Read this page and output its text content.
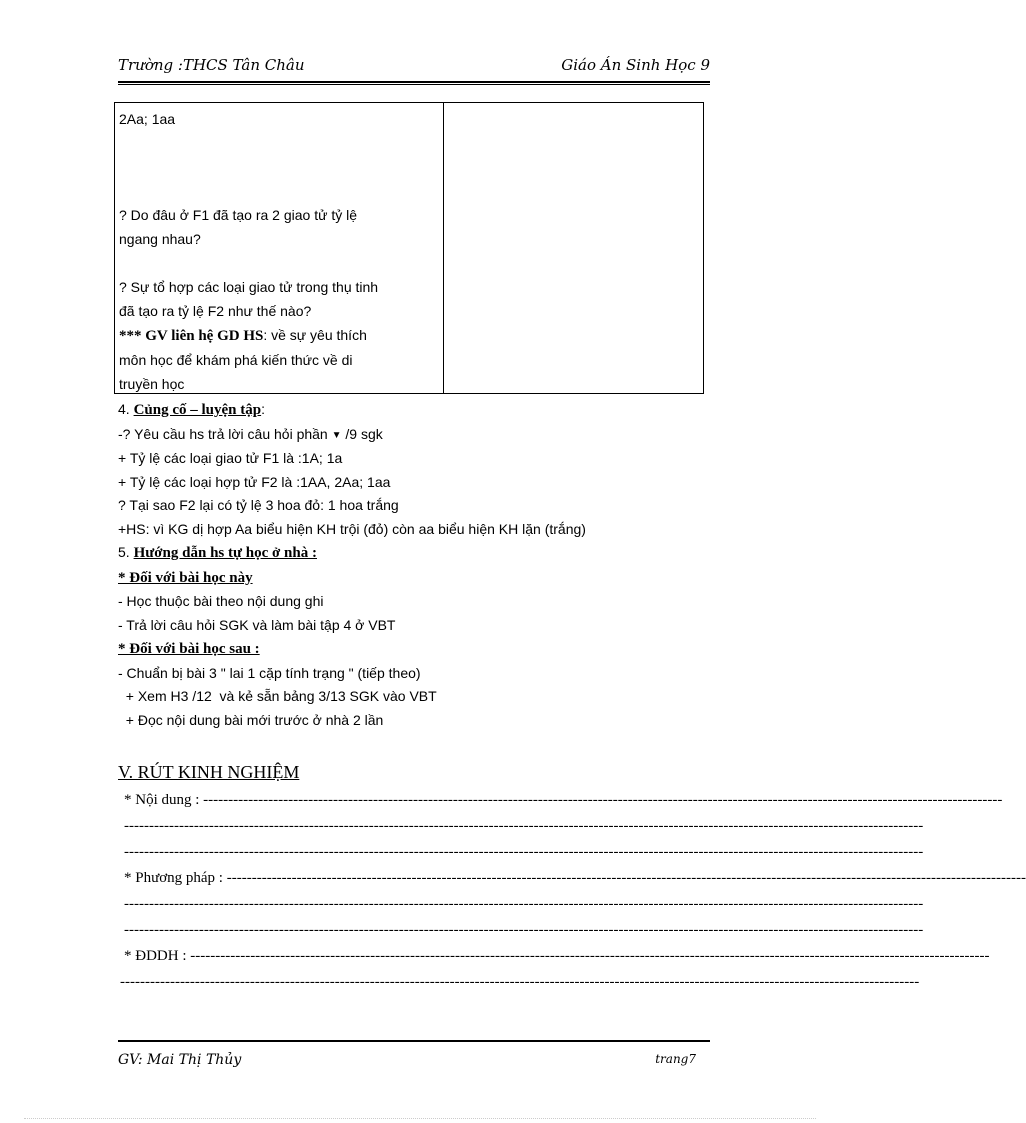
Trường :THCS Tân Châu	Giáo Án Sinh Học 9

2Aa; 1aa

? Do đâu ở F1 đã tạo ra 2 giao tử tỷ lệ

ngang nhau?

? Sự tổ hợp các loại giao tử trong thụ tinh

đã tạo ra tỷ lệ F2 như thế nào?

*** GV liên hệ GD HS: về sự yêu thích

môn học để khám phá kiến thức về di

truyền học

4. Củng cố – luyện tập:

-? Yêu cầu hs trả lời câu hỏi phần ▼ /9 sgk

+ Tỷ lệ các loại giao tử F1 là :1A; 1a

+ Tỷ lệ các loại hợp tử F2 là :1AA, 2Aa; 1aa

? Tại sao F2 lại có tỷ lệ 3 hoa đỏ: 1 hoa trắng

+HS: vì KG dị hợp Aa biểu hiện KH trội (đỏ) còn aa biểu hiện KH lặn (trắng)

5. Hướng dẫn hs tự học ở nhà :

* Đối với bài học này

- Học thuộc bài theo nội dung ghi

- Trả lời câu hỏi SGK và làm bài tập 4 ở VBT

* Đối với bài học sau :

- Chuẩn bị bài 3 " lai 1 cặp tính trạng " (tiếp theo)

+ Xem H3 /12  và kẻ sẵn bảng 3/13 SGK vào VBT

+ Đọc nội dung bài mới trước ở nhà 2 lần

V. RÚT KINH NGHIỆM
* Nội dung : ----------------------------------------------------------------------------------------------------------------------------------------------------------------
----------------------------------------------------------------------------------------------------------------------------------------------------------------
----------------------------------------------------------------------------------------------------------------------------------------------------------------
* Phương pháp : ----------------------------------------------------------------------------------------------------------------------------------------------------------------
----------------------------------------------------------------------------------------------------------------------------------------------------------------
----------------------------------------------------------------------------------------------------------------------------------------------------------------
* ĐDDH : ----------------------------------------------------------------------------------------------------------------------------------------------------------------
----------------------------------------------------------------------------------------------------------------------------------------------------------------
GV: Mai Thị Thủy	trang7
